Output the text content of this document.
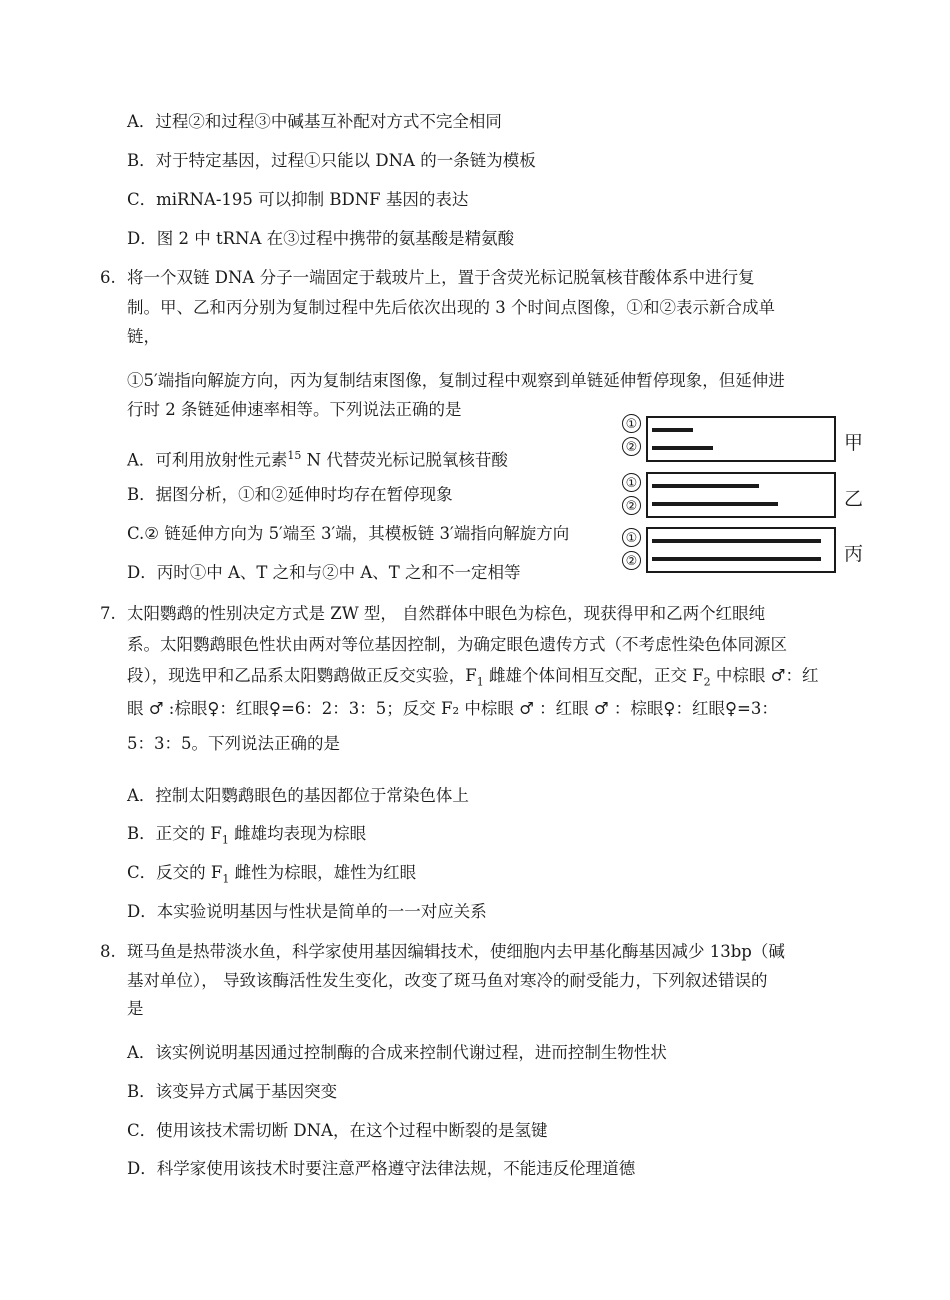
A．过程②和过程③中碱基互补配对方式不完全相同
B．对于特定基因，过程①只能以 DNA 的一条链为模板
C．miRNA-195 可以抑制 BDNF 基因的表达
D．图 2 中 tRNA 在③过程中携带的氨基酸是精氨酸
6. 将一个双链 DNA 分子一端固定于载玻片上，置于含荧光标记脱氧核苷酸体系中进行复
制。甲、乙和丙分别为复制过程中先后依次出现的 3 个时间点图像，①和②表示新合成单
链，
①5′端指向解旋方向，丙为复制结束图像，复制过程中观察到单链延伸暂停现象，但延伸进
行时 2 条链延伸速率相等。下列说法正确的是
A．可利用放射性元素$^{15}$ N 代替荧光标记脱氧核苷酸
B．据图分析，①和②延伸时均存在暂停现象
C.② 链延伸方向为 5′端至 3′端，其模板链 3′端指向解旋方向
D．丙时①中 A、T 之和与②中 A、T 之和不一定相等
①
②	甲
①
②	乙
①
②	丙
7. 太阳鹦鹉的性别决定方式是 ZW 型， 自然群体中眼色为棕色，现获得甲和乙两个红眼纯
系。太阳鹦鹉眼色性状由两对等位基因控制，为确定眼色遗传方式（不考虑性染色体同源区
段），现选甲和乙品系太阳鹦鹉做正反交实验，$F_1$ 雌雄个体间相互交配，正交 $F_2$ 中棕眼 ♂：红
眼 ♂ :棕眼♀：红眼♀=6：2：3：5；反交 F₂ 中棕眼 ♂ ：红眼 ♂ ：棕眼♀：红眼♀=3：
5：3：5。下列说法正确的是
A．控制太阳鹦鹉眼色的基因都位于常染色体上
B．正交的 $F_1$ 雌雄均表现为棕眼
C．反交的 $F_1$ 雌性为棕眼，雄性为红眼
D．本实验说明基因与性状是简单的一一对应关系
8. 斑马鱼是热带淡水鱼，科学家使用基因编辑技术，使细胞内去甲基化酶基因减少 13bp（碱
基对单位）， 导致该酶活性发生变化，改变了斑马鱼对寒冷的耐受能力，下列叙述错误的
是
A．该实例说明基因通过控制酶的合成来控制代谢过程，进而控制生物性状
B．该变异方式属于基因突变
C．使用该技术需切断 DNA，在这个过程中断裂的是氢键
D．科学家使用该技术时要注意严格遵守法律法规，不能违反伦理道德
